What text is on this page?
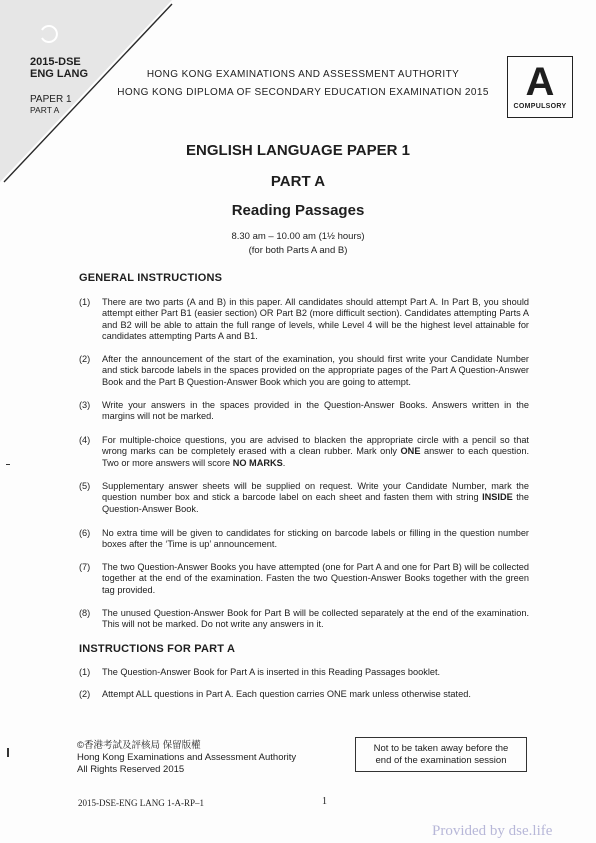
2015-DSE
ENG LANG
PAPER 1
PART A
HONG KONG EXAMINATIONS AND ASSESSMENT AUTHORITY
HONG KONG DIPLOMA OF SECONDARY EDUCATION EXAMINATION 2015 A
COMPULSORY
ENGLISH LANGUAGE PAPER 1
PART A
Reading Passages
8.30 am – 10.00 am (1½ hours)
(for both Parts A and B)
GENERAL INSTRUCTIONS
(1) There are two parts (A and B) in this paper. All candidates should attempt Part A. In Part B, you should attempt either Part B1 (easier section) OR Part B2 (more difficult section). Candidates attempting Parts A and B2 will be able to attain the full range of levels, while Level 4 will be the highest level attainable for candidates attempting Parts A and B1.
(2) After the announcement of the start of the examination, you should first write your Candidate Number and stick barcode labels in the spaces provided on the appropriate pages of the Part A Question-Answer Book and the Part B Question-Answer Book which you are going to attempt.
(3) Write your answers in the spaces provided in the Question-Answer Books. Answers written in the margins will not be marked.
(4) For multiple-choice questions, you are advised to blacken the appropriate circle with a pencil so that wrong marks can be completely erased with a clean rubber. Mark only ONE answer to each question. Two or more answers will score NO MARKS.
(5) Supplementary answer sheets will be supplied on request. Write your Candidate Number, mark the question number box and stick a barcode label on each sheet and fasten them with string INSIDE the Question-Answer Book.
(6) No extra time will be given to candidates for sticking on barcode labels or filling in the question number boxes after the ‘Time is up’ announcement.
(7) The two Question-Answer Books you have attempted (one for Part A and one for Part B) will be collected together at the end of the examination. Fasten the two Question-Answer Books together with the green tag provided.
(8) The unused Question-Answer Book for Part B will be collected separately at the end of the examination. This will not be marked. Do not write any answers in it.
INSTRUCTIONS FOR PART A
(1) The Question-Answer Book for Part A is inserted in this Reading Passages booklet.
(2) Attempt ALL questions in Part A. Each question carries ONE mark unless otherwise stated.
©香港考試及評核局 保留版權
Hong Kong Examinations and Assessment Authority
All Rights Reserved 2015
Not to be taken away before the
end of the examination session
2015-DSE-ENG LANG 1-A-RP–1	1
Provided by dse.life
